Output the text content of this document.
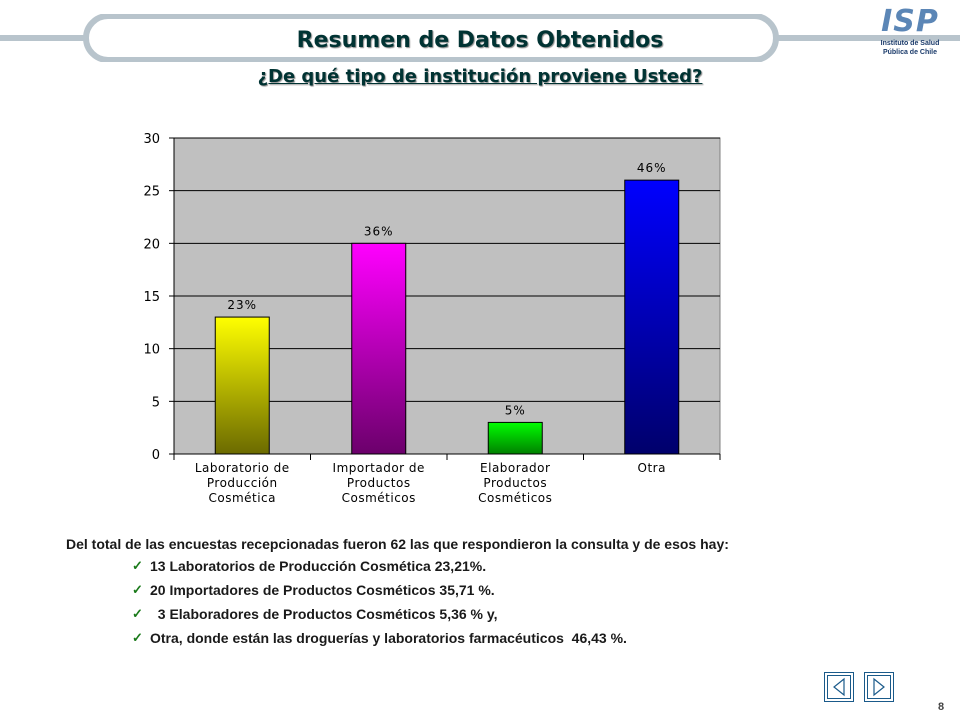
Resumen de Datos Obtenidos
¿De qué tipo de institución proviene Usted?
ISP
Instituto de Salud
Pública de Chile
0
5
10
15
20
25
30
23%
Laboratorio de Producción Cosmética
36%
Importador de Productos Cosméticos
5%
Elaborador Productos Cosméticos
46%
Otra

Del total de las encuestas recepcionadas fueron 62 las que respondieron la consulta y de esos hay:

✓ 13 Laboratorios de Producción Cosmética 23,21%.
✓ 20 Importadores de Productos Cosméticos 35,71 %.
✓ 3 Elaboradores de Productos Cosméticos 5,36 % y,
✓ Otra, donde están las droguerías y laboratorios farmacéuticos  46,43 %.
8
